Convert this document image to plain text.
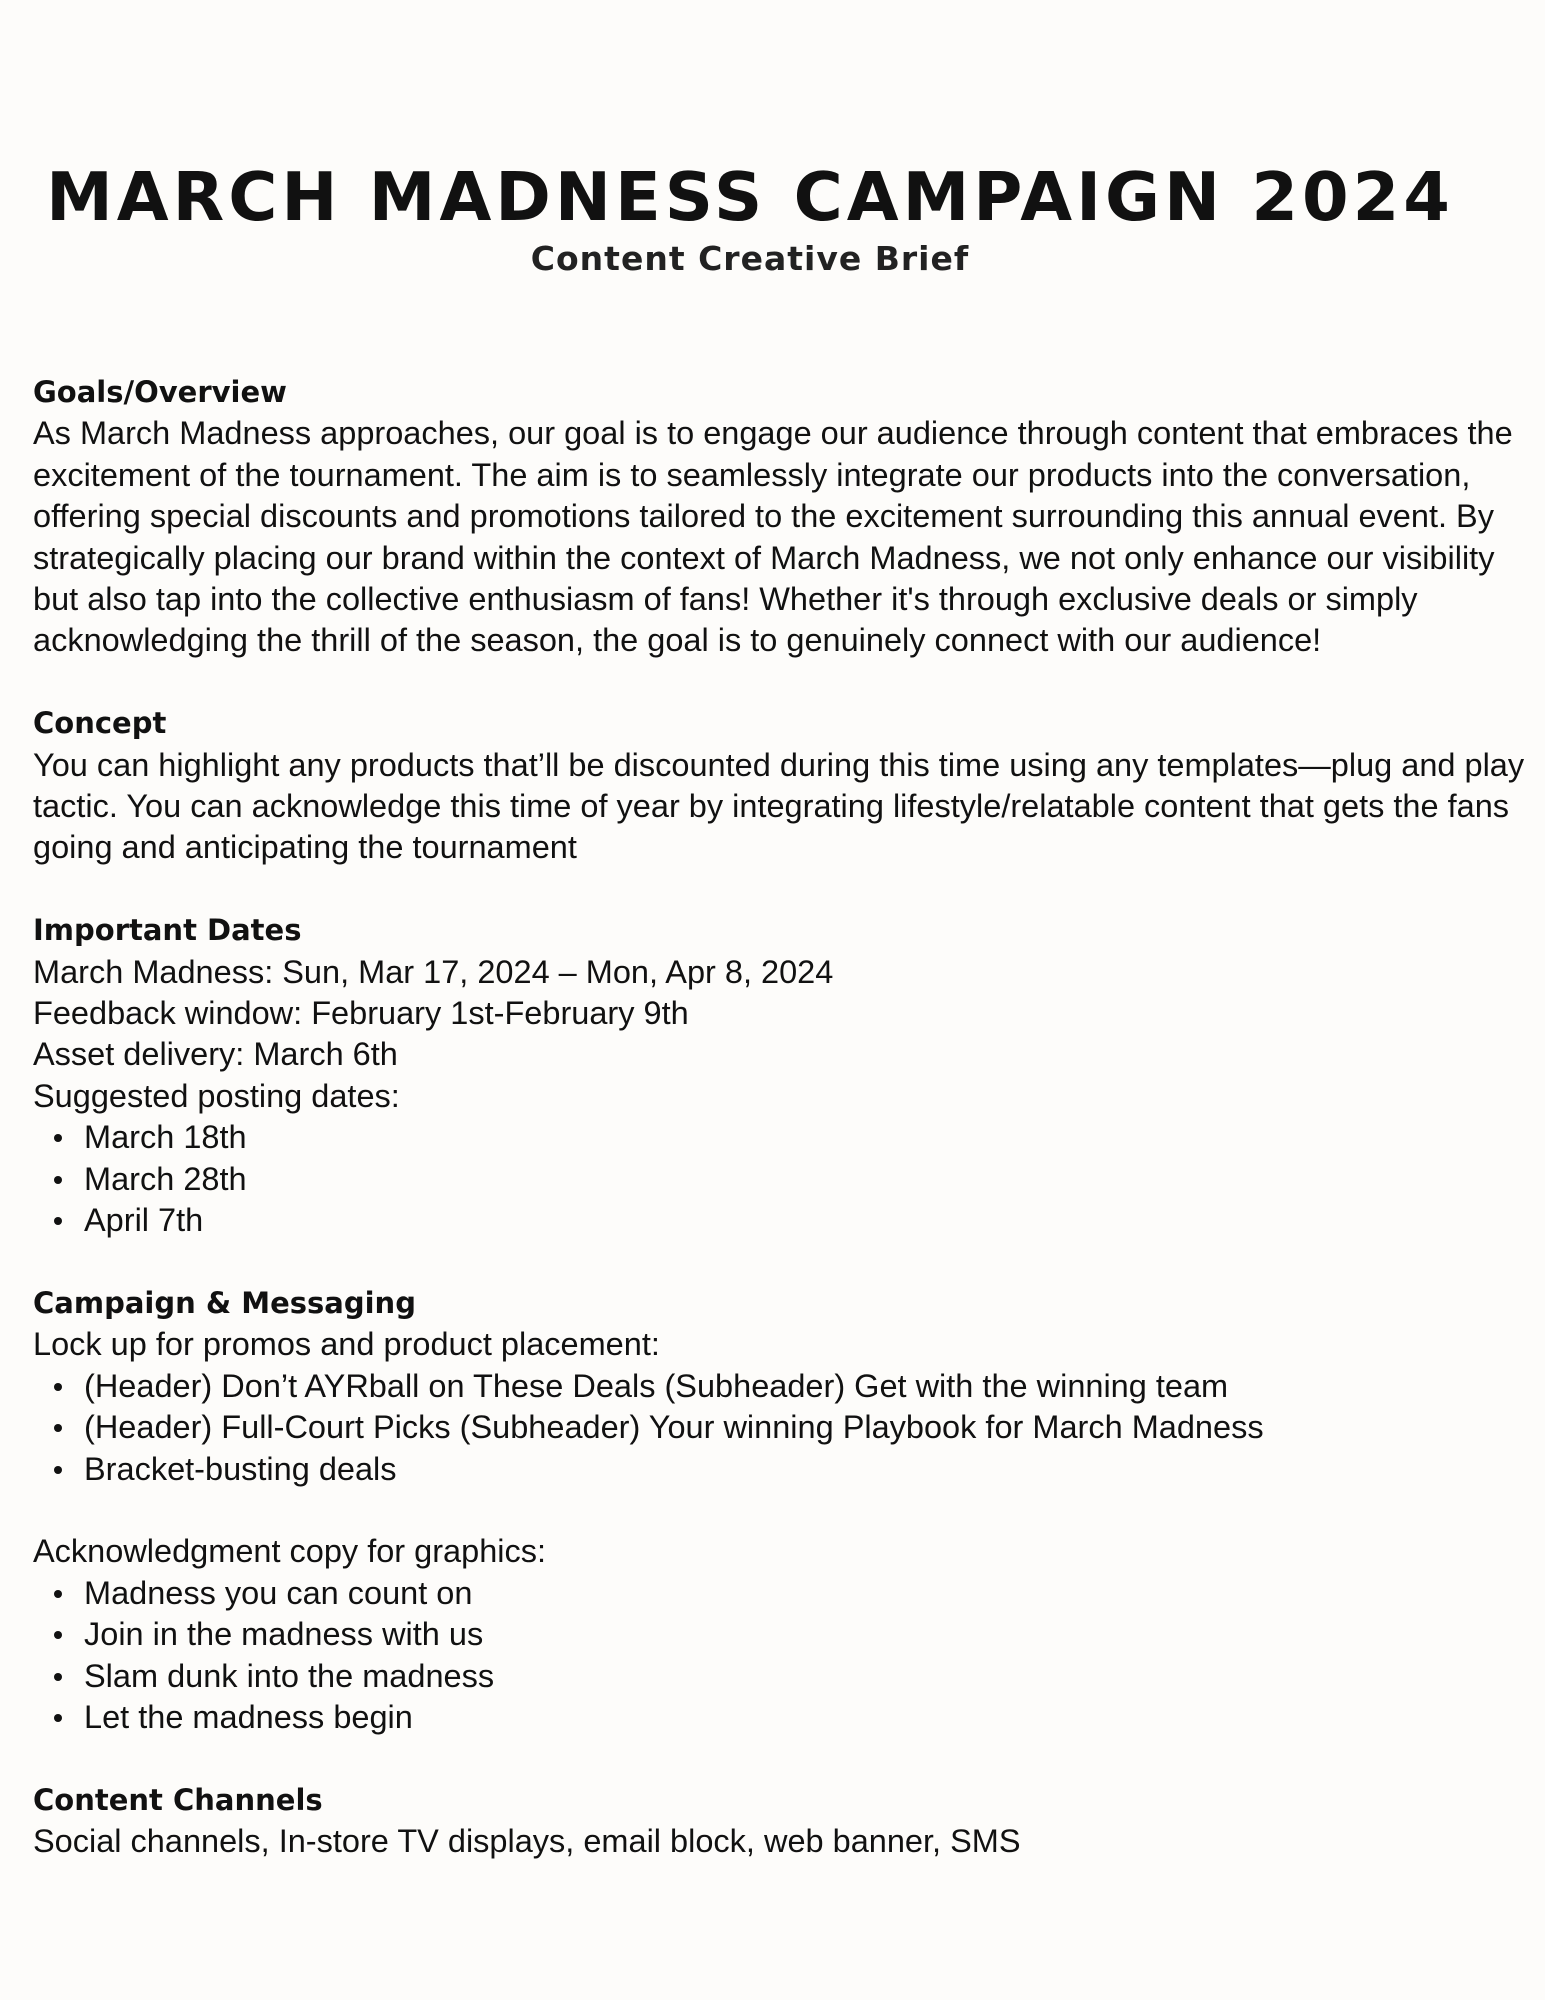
MARCH MADNESS CAMPAIGN 2024
Content Creative Brief
Goals/Overview

As March Madness approaches, our goal is to engage our audience through content that embraces the excitement of the tournament. The aim is to seamlessly integrate our products into the conversation, offering special discounts and promotions tailored to the excitement surrounding this annual event. By strategically placing our brand within the context of March Madness, we not only enhance our visibility but also tap into the collective enthusiasm of fans! Whether it's through exclusive deals or simply acknowledging the thrill of the season, the goal is to genuinely connect with our audience!

Concept

You can highlight any products that’ll be discounted during this time using any templates—plug and play tactic. You can acknowledge this time of year by integrating lifestyle/relatable content that gets the fans going and anticipating the tournament

Important Dates

March Madness: Sun, Mar 17, 2024 – Mon, Apr 8, 2024

Feedback window: February 1st-February 9th

Asset delivery: March 6th

Suggested posting dates:

March 18th
March 28th
April 7th
Campaign & Messaging

Lock up for promos and product placement:

(Header) Don’t AYRball on These Deals (Subheader) Get with the winning team
(Header) Full-Court Picks (Subheader) Your winning Playbook for March Madness
Bracket-busting deals

Acknowledgment copy for graphics:

Madness you can count on
Join in the madness with us
Slam dunk into the madness
Let the madness begin
Content Channels

Social channels, In-store TV displays, email block, web banner, SMS
